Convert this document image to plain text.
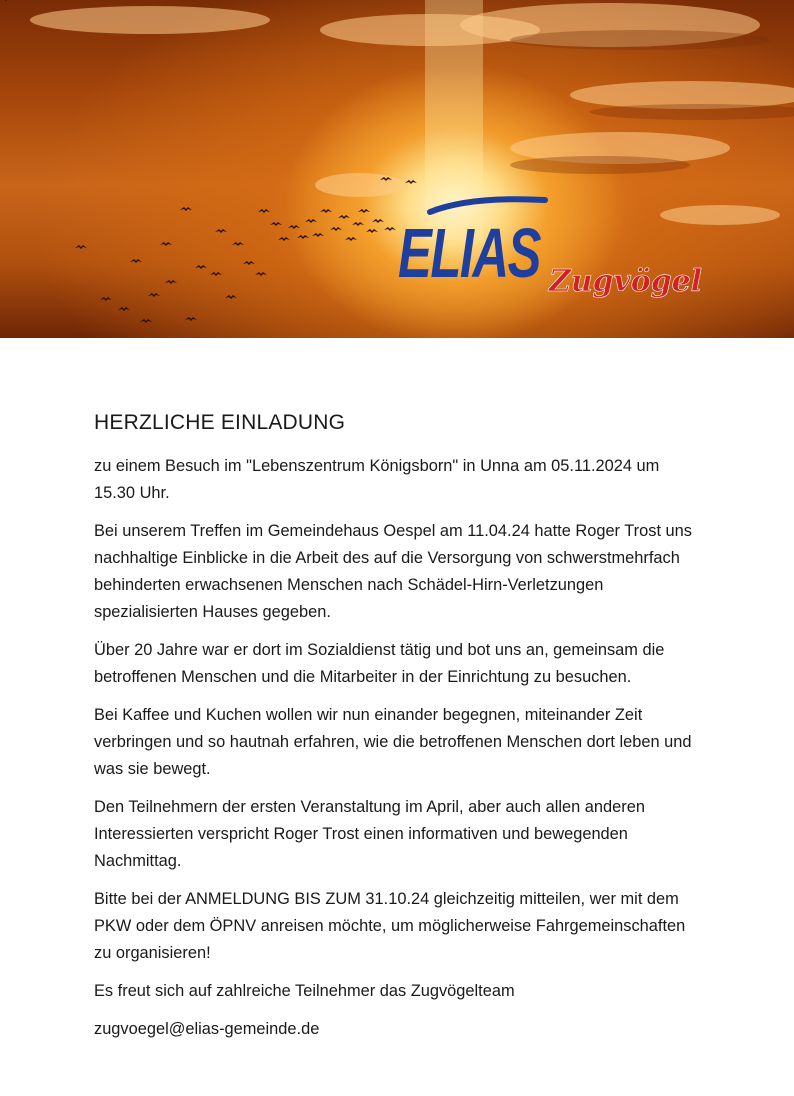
ELIAS Zugvögel
HERZLICHE EINLADUNG

zu einem Besuch im "Lebenszentrum Königsborn" in Unna am 05.11.2024 um 15.30 Uhr.

Bei unserem Treffen im Gemeindehaus Oespel am 11.04.24 hatte Roger Trost uns nachhaltige Einblicke in die Arbeit des auf die Versorgung von schwerstmehrfach behinderten erwachsenen Menschen nach Schädel-Hirn-Verletzungen spezialisierten Hauses gegeben.

Über 20 Jahre war er dort im Sozialdienst tätig und bot uns an, gemeinsam die betroffenen Menschen und die Mitarbeiter in der Einrichtung zu besuchen.

Bei Kaffee und Kuchen wollen wir nun einander begegnen, miteinander Zeit verbringen und so hautnah erfahren, wie die betroffenen Menschen dort leben und was sie bewegt.

Den Teilnehmern der ersten Veranstaltung im April, aber auch allen anderen Interessierten verspricht Roger Trost einen informativen und bewegenden Nachmittag.

Bitte bei der ANMELDUNG BIS ZUM 31.10.24 gleichzeitig mitteilen, wer mit dem PKW oder dem ÖPNV anreisen möchte, um möglicherweise Fahrgemeinschaften zu organisieren!

Es freut sich auf zahlreiche Teilnehmer das Zugvögelteam

zugvoegel@elias-gemeinde.de
